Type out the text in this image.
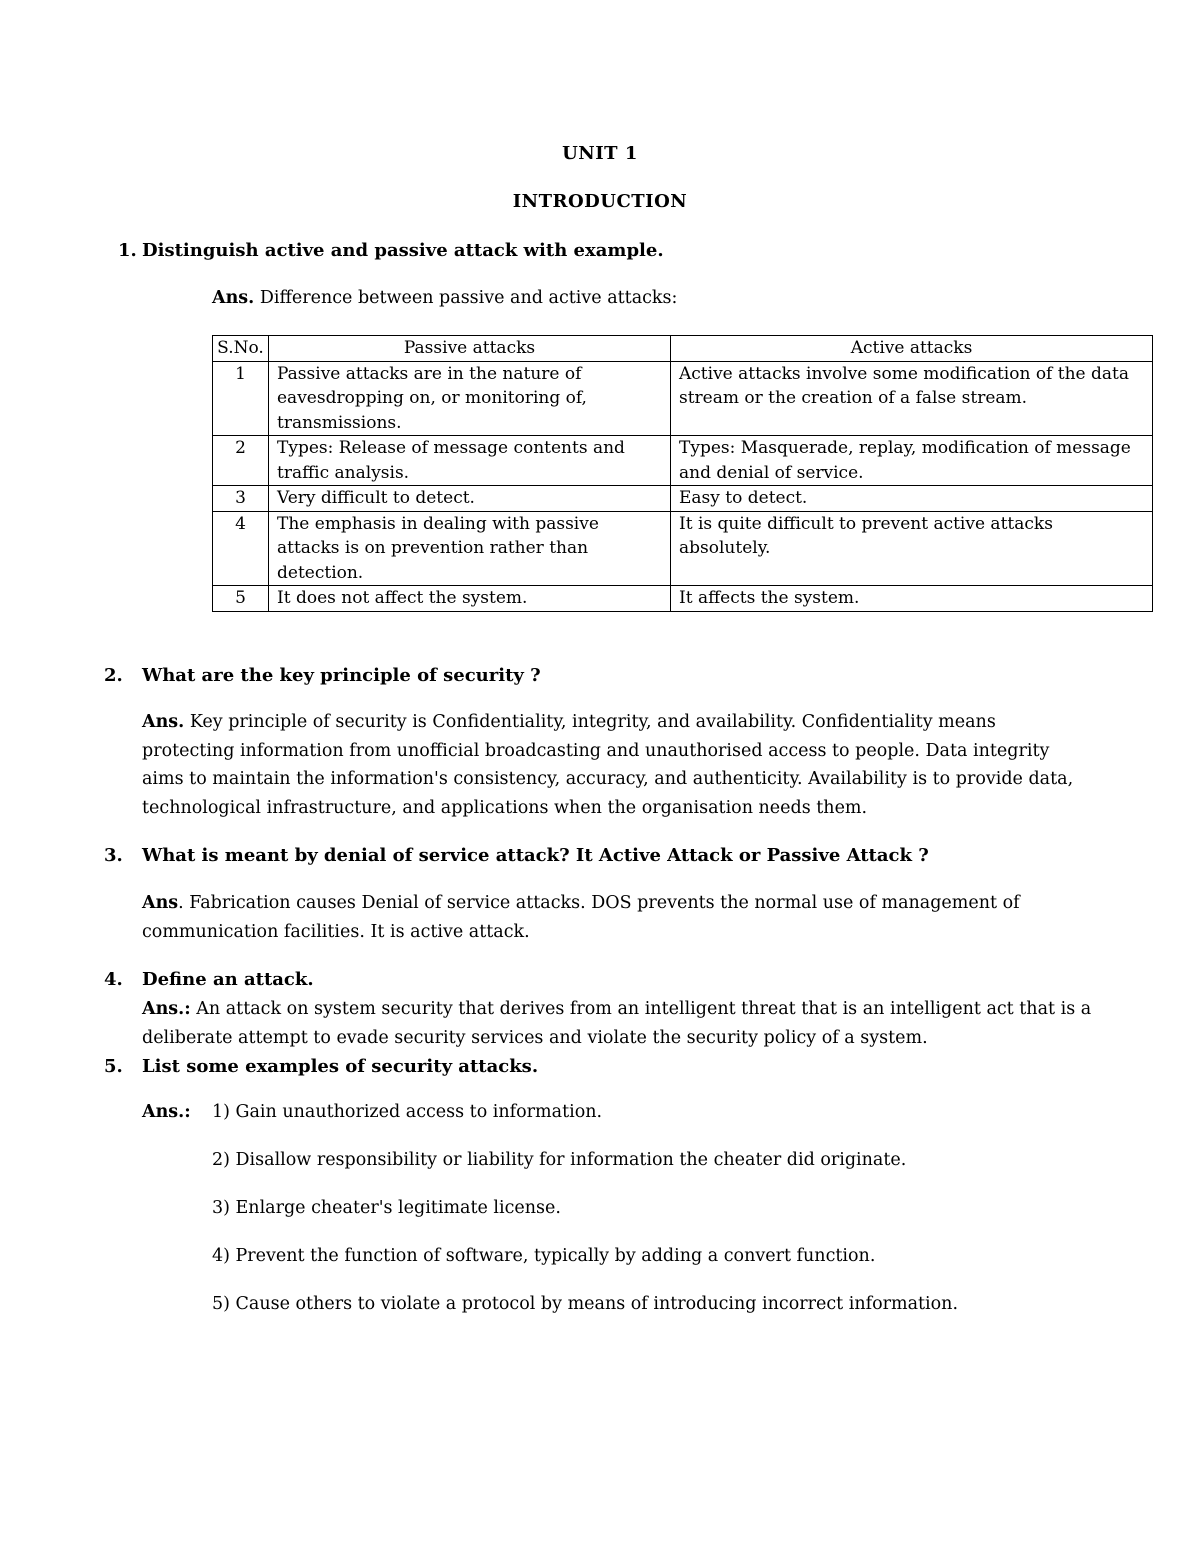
UNIT 1
INTRODUCTION
1. Distinguish active and passive attack with example.
Ans. Difference between passive and active attacks:
S.No.	Passive attacks	Active attacks
1	Passive attacks are in the nature of eavesdropping on, or monitoring of, transmissions.	Active attacks involve some modification of the data stream or the creation of a false stream.
2	Types: Release of message contents and traffic analysis.	Types: Masquerade, replay, modification of message and denial of service.
3	Very difficult to detect.	Easy to detect.
4	The emphasis in dealing with passive attacks is on prevention rather than detection.	It is quite difficult to prevent active attacks absolutely.
5	It does not affect the system.	It affects the system.
2. What are the key principle of security ?
Ans. Key principle of security is Confidentiality, integrity, and availability. Confidentiality means
protecting information from unofficial broadcasting and unauthorised access to people. Data integrity
aims to maintain the information's consistency, accuracy, and authenticity. Availability is to provide data,
technological infrastructure, and applications when the organisation needs them.
3. What is meant by denial of service attack? It Active Attack or Passive Attack ?
Ans. Fabrication causes Denial of service attacks. DOS prevents the normal use of management of
communication facilities. It is active attack.
4. Define an attack.
Ans.: An attack on system security that derives from an intelligent threat that is an intelligent act that is a
deliberate attempt to evade security services and violate the security policy of a system.
5. List some examples of security attacks.
Ans.: 1) Gain unauthorized access to information.
2) Disallow responsibility or liability for information the cheater did originate.
3) Enlarge cheater's legitimate license.
4) Prevent the function of software, typically by adding a convert function.
5) Cause others to violate a protocol by means of introducing incorrect information.
